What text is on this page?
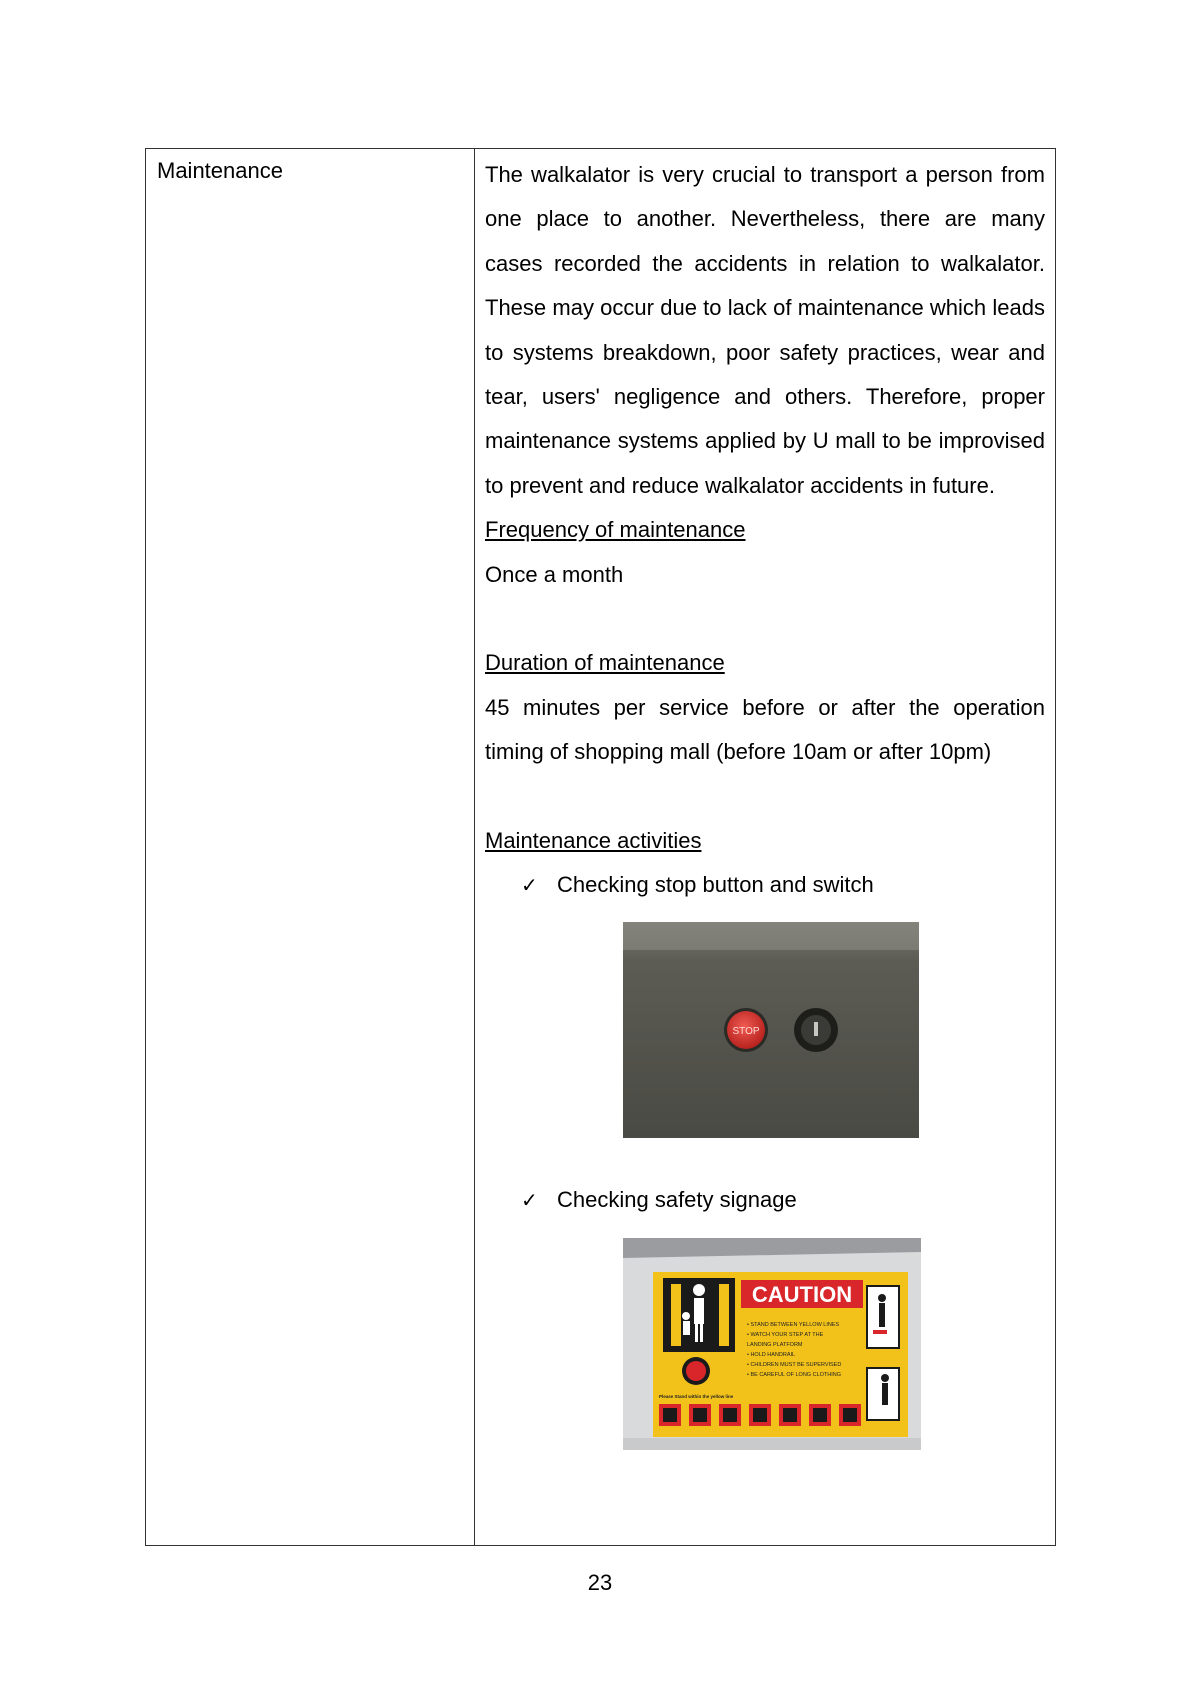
Maintenance	The walkalator is very crucial to transport a person from one place to another. Nevertheless, there are many cases recorded the accidents in relation to walkalator. These may occur due to lack of maintenance which leads to systems breakdown, poor safety practices, wear and tear, users' negligence and others. Therefore, proper maintenance systems applied by U mall to be improvised to prevent and reduce walkalator accidents in future.

Frequency of maintenance

Once a month

Duration of maintenance

45 minutes per service before or after the operation timing of shopping mall (before 10am or after 10pm)

Maintenance activities

✓ Checking stop button and switch

STOP

✓ Checking safety signage

CAUTION
• STAND BETWEEN YELLOW LINES
• WATCH YOUR STEP AT THE
LANDING PLATFORM
• HOLD HANDRAIL
• CHILDREN MUST BE SUPERVISED
• BE CAREFUL OF LONG CLOTHING
Please Stand within the yellow line
23
